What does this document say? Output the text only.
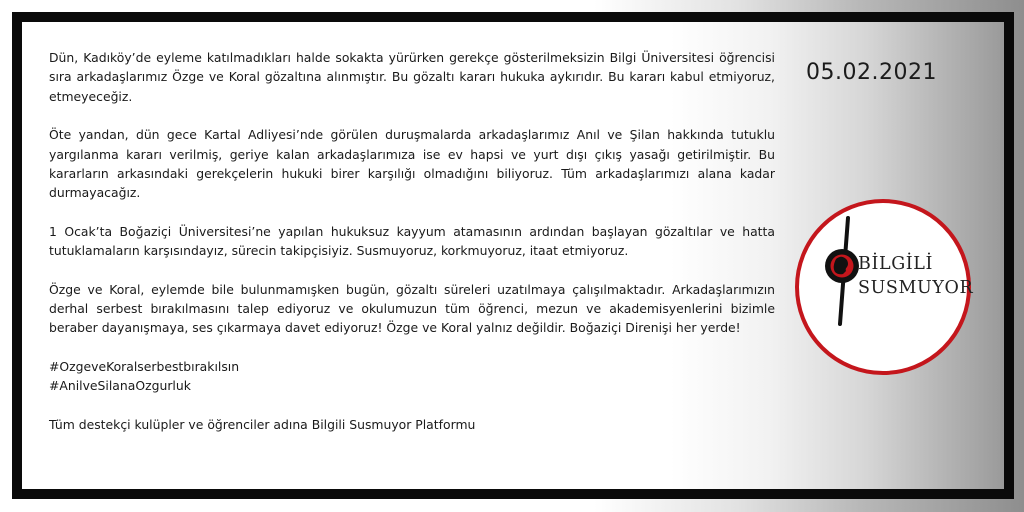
Dün, Kadıköy’de eyleme katılmadıkları halde sokakta yürürken gerekçe gösterilmeksizin Bilgi Üniversitesi öğrencisi sıra arkadaşlarımız Özge ve Koral gözaltına alınmıştır. Bu gözaltı kararı hukuka aykırıdır. Bu kararı kabul etmiyoruz, etmeyeceğiz.

Öte yandan, dün gece Kartal Adliyesi’nde görülen duruşmalarda arkadaşlarımız Anıl ve Şilan hakkında tutuklu yargılanma kararı verilmiş, geriye kalan arkadaşlarımıza ise ev hapsi ve yurt dışı çıkış yasağı getirilmiştir. Bu kararların arkasındaki gerekçelerin hukuki birer karşılığı olmadığını biliyoruz. Tüm arkadaşlarımızı alana kadar durmayacağız.

1 Ocak’ta Boğaziçi Üniversitesi’ne yapılan hukuksuz kayyum atamasının ardından başlayan gözaltılar ve hatta tutuklamaların karşısındayız, sürecin takipçisiyiz. Susmuyoruz, korkmuyoruz, itaat etmiyoruz.

Özge ve Koral, eylemde bile bulunmamışken bugün, gözaltı süreleri uzatılmaya çalışılmaktadır. Arkadaşlarımızın derhal serbest bırakılmasını talep ediyoruz ve okulumuzun tüm öğrenci, mezun ve akademisyenlerini bizimle beraber dayanışmaya, ses çıkarmaya davet ediyoruz! Özge ve Koral yalnız değildir. Boğaziçi Direnişi her yerde!

#OzgeveKoralserbestbırakılsın
#AnilveSilanaOzgurluk

Tüm destekçi kulüpler ve öğrenciler adına Bilgili Susmuyor Platformu

05.02.2021
BİLGİLİ
SUSMUYOR
